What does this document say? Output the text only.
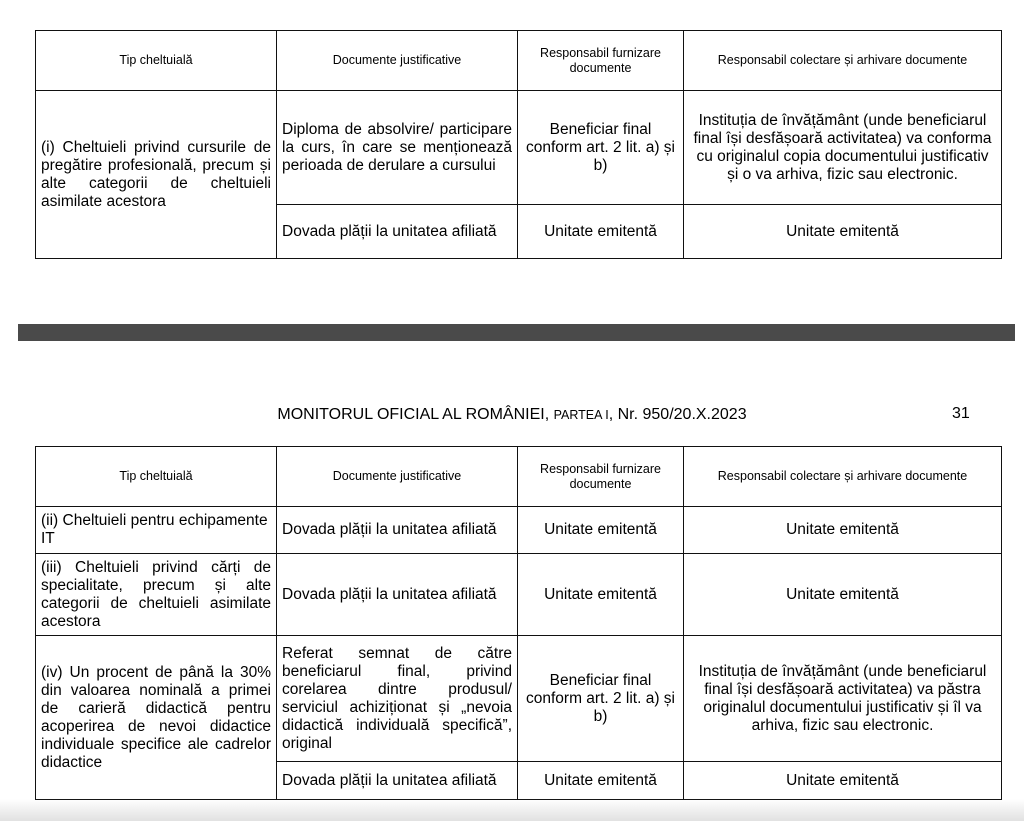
Tip cheltuială	Documente justificative	Responsabil furnizare documente	Responsabil colectare și arhivare documente
(i) Cheltuieli privind cursurile de pregătire profesională, precum și alte categorii de cheltuieli asimilate acestora	Diploma de absolvire/ participare la curs, în care se menționează perioada de derulare a cursului	Beneficiar final conform art. 2 lit. a) și b)	Instituția de învățământ (unde beneficiarul final își desfășoară activitatea) va conforma cu originalul copia documentului justificativ și o va arhiva, fizic sau electronic.
	Dovada plății la unitatea afiliată	Unitate emitentă	Unitate emitentă
MONITORUL OFICIAL AL ROMÂNIEI, PARTEA I, Nr. 950/20.X.2023	31
Tip cheltuială	Documente justificative	Responsabil furnizare documente	Responsabil colectare și arhivare documente
(ii) Cheltuieli pentru echipamente IT	Dovada plății la unitatea afiliată	Unitate emitentă	Unitate emitentă
(iii) Cheltuieli privind cărți de specialitate, precum și alte categorii de cheltuieli asimilate acestora	Dovada plății la unitatea afiliată	Unitate emitentă	Unitate emitentă
(iv) Un procent de până la 30% din valoarea nominală a primei de carieră didactică pentru acoperirea de nevoi didactice individuale specifice ale cadrelor didactice	Referat semnat de către beneficiarul final, privind corelarea dintre produsul/ serviciul achiziționat și „nevoia didactică individuală specifică”, original	Beneficiar final conform art. 2 lit. a) și b)	Instituția de învățământ (unde beneficiarul final își desfășoară activitatea) va păstra originalul documentului justificativ și îl va arhiva, fizic sau electronic.
	Dovada plății la unitatea afiliată	Unitate emitentă	Unitate emitentă
